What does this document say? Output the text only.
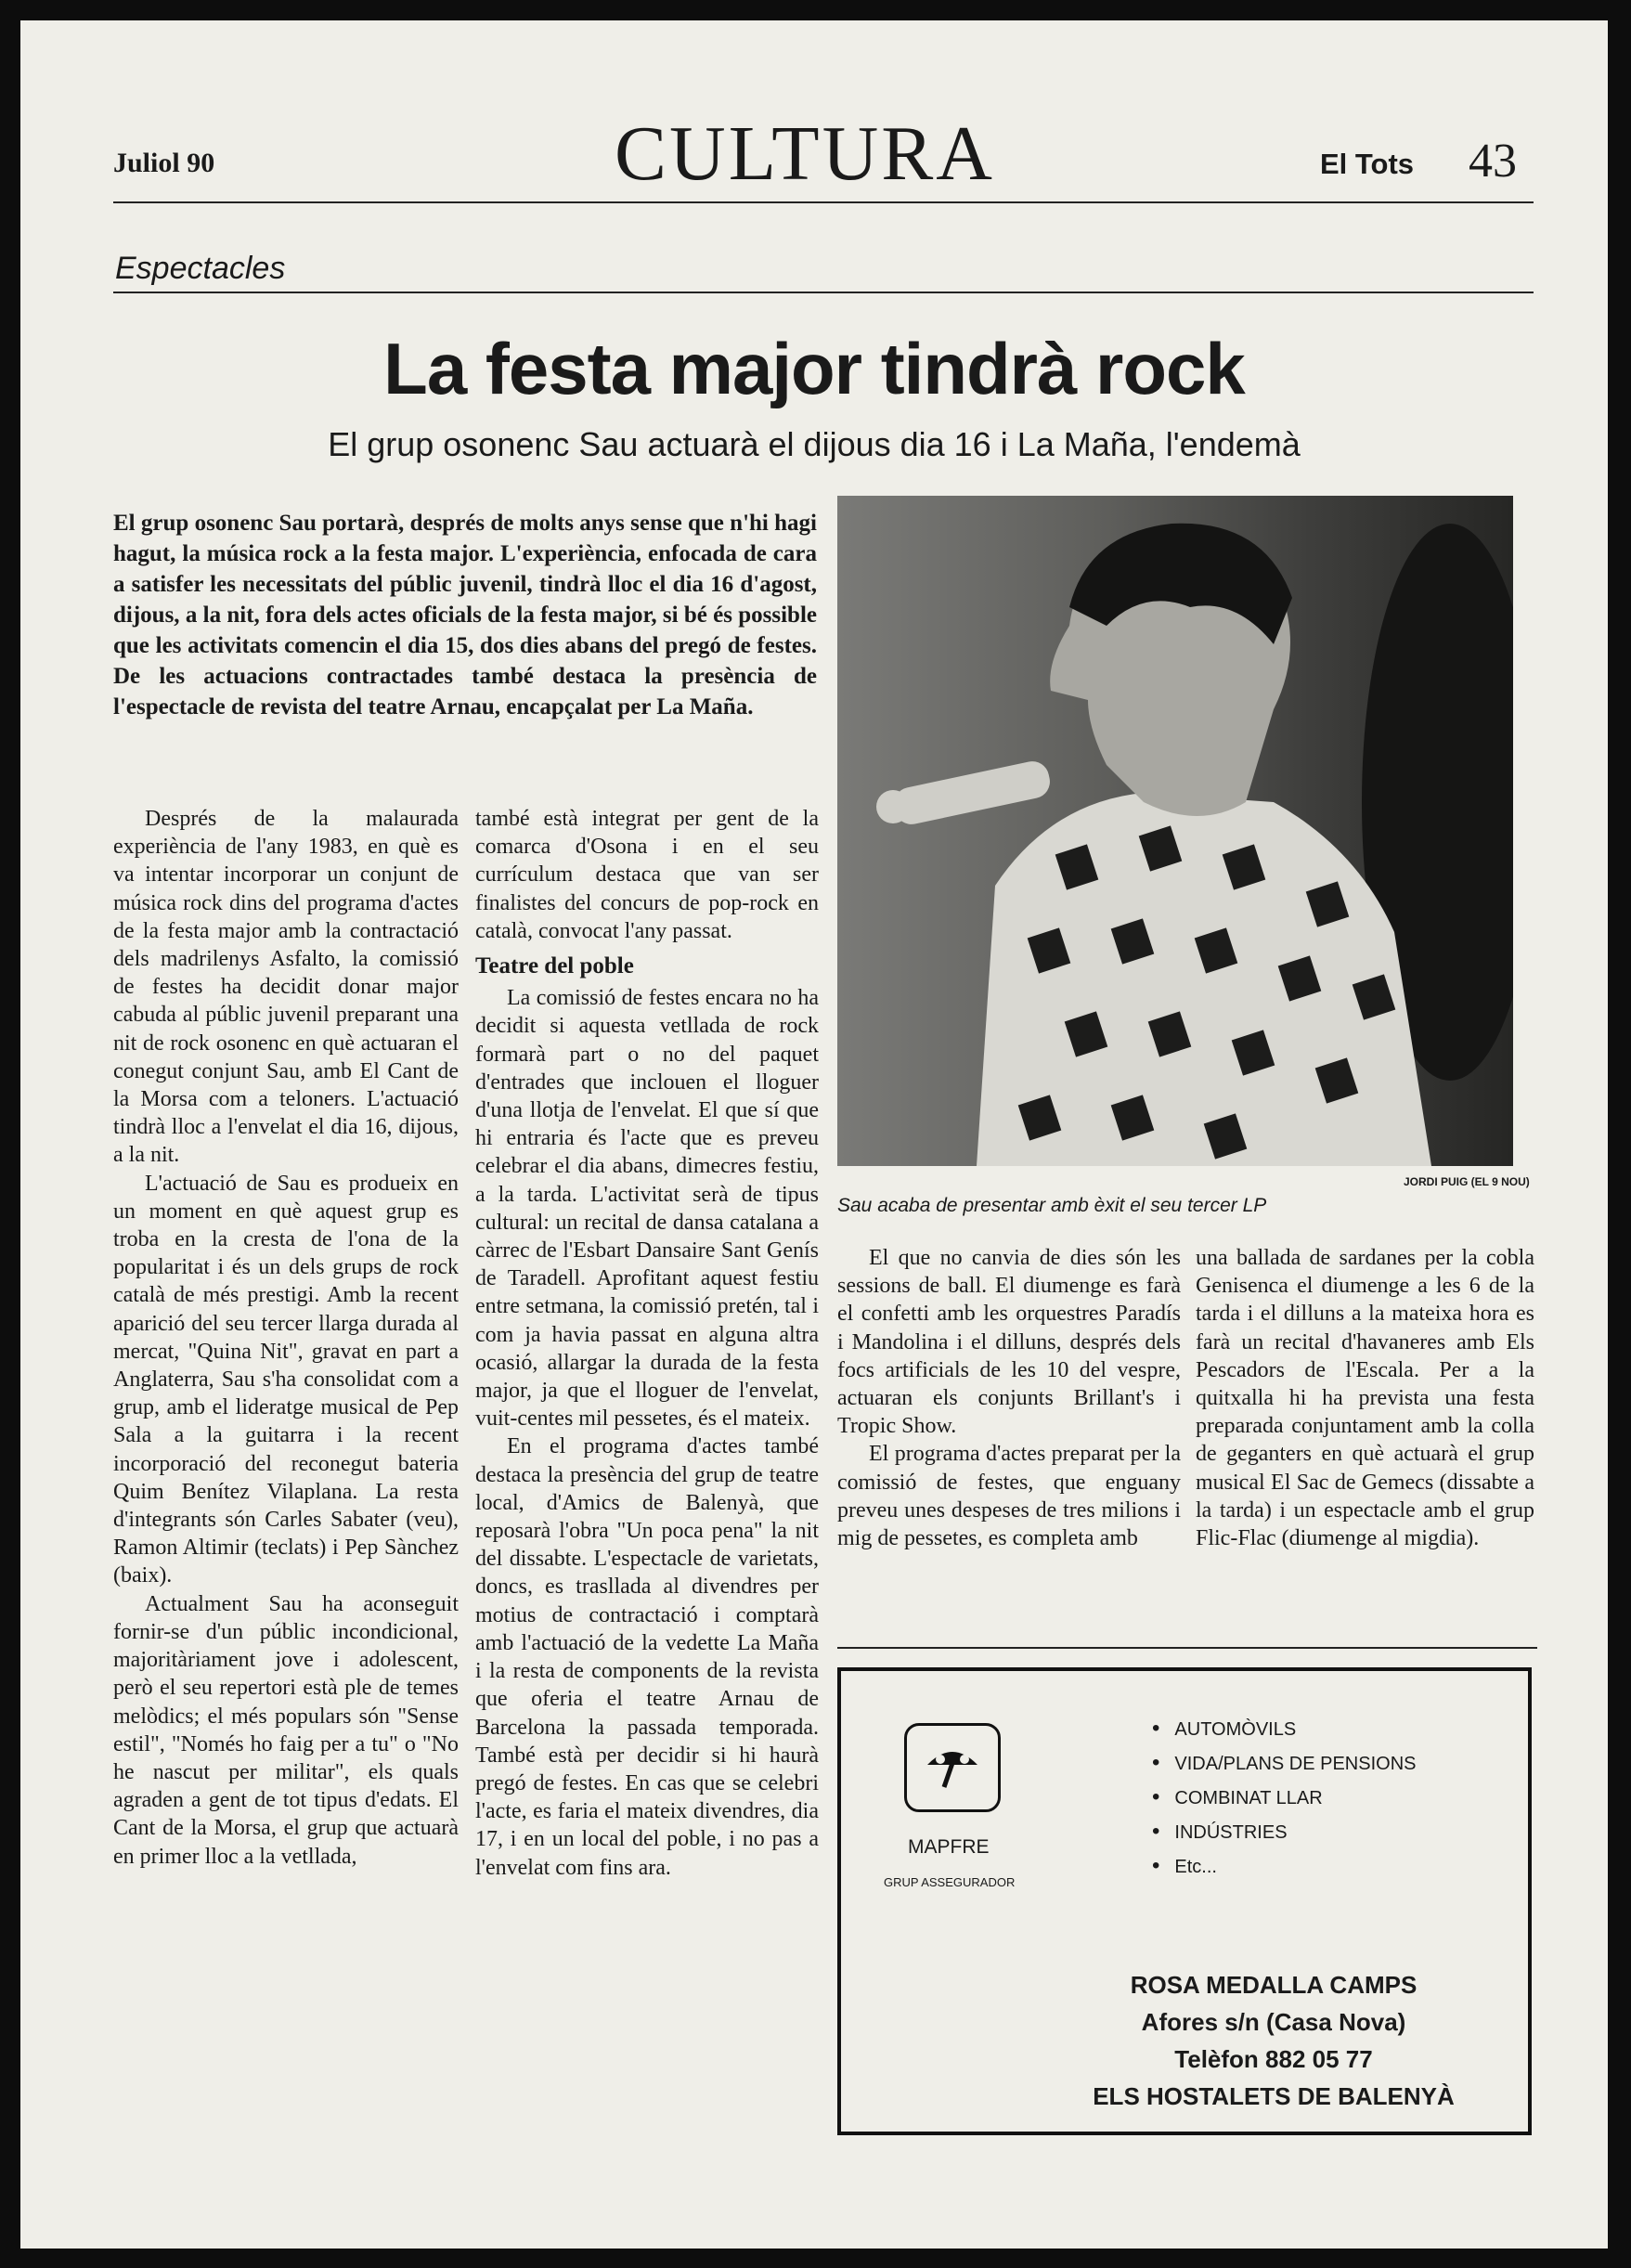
Juliol 90	CULTURA	El Tots 43
Espectacles
La festa major tindrà rock
El grup osonenc Sau actuarà el dijous dia 16 i La Maña, l'endemà
El grup osonenc Sau portarà, després de molts anys sense que n'hi hagi hagut, la música rock a la festa major. L'experiència, enfocada de cara a satisfer les necessitats del públic juvenil, tindrà lloc el dia 16 d'agost, dijous, a la nit, fora dels actes oficials de la festa major, si bé és possible que les activitats comencin el dia 15, dos dies abans del pregó de festes. De les actuacions contractades també destaca la presència de l'espectacle de revista del teatre Arnau, encapçalat per La Maña.

Després de la malaurada experiència de l'any 1983, en què es va intentar incorporar un conjunt de música rock dins del programa d'actes de la festa major amb la contractació dels madrilenys Asfalto, la comissió de festes ha decidit donar major cabuda al públic juvenil preparant una nit de rock osonenc en què actuaran el conegut conjunt Sau, amb El Cant de la Morsa com a teloners. L'actuació tindrà lloc a l'envelat el dia 16, dijous, a la nit.

L'actuació de Sau es produeix en un moment en què aquest grup es troba en la cresta de l'ona de la popularitat i és un dels grups de rock català de més prestigi. Amb la recent aparició del seu tercer llarga durada al mercat, "Quina Nit", gravat en part a Anglaterra, Sau s'ha consolidat com a grup, amb el lideratge musical de Pep Sala a la guitarra i la recent incorporació del reconegut bateria Quim Benítez Vilaplana. La resta d'integrants són Carles Sabater (veu), Ramon Altimir (teclats) i Pep Sànchez (baix).

Actualment Sau ha aconseguit fornir-se d'un públic incondicional, majoritàriament jove i adolescent, però el seu repertori està ple de temes melòdics; el més populars són "Sense estil", "Només ho faig per a tu" o "No he nascut per militar", els quals agraden a gent de tot tipus d'edats. El Cant de la Morsa, el grup que actuarà en primer lloc a la vetllada,

també està integrat per gent de la comarca d'Osona i en el seu currículum destaca que van ser finalistes del concurs de pop-rock en català, convocat l'any passat.

Teatre del poble

La comissió de festes encara no ha decidit si aquesta vetllada de rock formarà part o no del paquet d'entrades que inclouen el lloguer d'una llotja de l'envelat. El que sí que hi entraria és l'acte que es preveu celebrar el dia abans, dimecres festiu, a la tarda. L'activitat serà de tipus cultural: un recital de dansa catalana a càrrec de l'Esbart Dansaire Sant Genís de Taradell. Aprofitant aquest festiu entre setmana, la comissió pretén, tal i com ja havia passat en alguna altra ocasió, allargar la durada de la festa major, ja que el lloguer de l'envelat, vuit-centes mil pessetes, és el mateix.

En el programa d'actes també destaca la presència del grup de teatre local, d'Amics de Balenyà, que reposarà l'obra "Un poca pena" la nit del dissabte. L'espectacle de varietats, doncs, es trasllada al divendres per motius de contractació i comptarà amb l'actuació de la vedette La Maña i la resta de components de la revista que oferia el teatre Arnau de Barcelona la passada temporada. També està per decidir si hi haurà pregó de festes. En cas que se celebri l'acte, es faria el mateix divendres, dia 17, i en un local del poble, i no pas a l'envelat com fins ara.

JORDI PUIG (EL 9 NOU)
Sau acaba de presentar amb èxit el seu tercer LP

El que no canvia de dies són les sessions de ball. El diumenge es farà el confetti amb les orquestres Paradís i Mandolina i el dilluns, després dels focs artificials de les 10 del vespre, actuaran els conjunts Brillant's i Tropic Show.

El programa d'actes preparat per la comissió de festes, que enguany preveu unes despeses de tres milions i mig de pessetes, es completa amb

una ballada de sardanes per la cobla Genisenca el diumenge a les 6 de la tarda i el dilluns a la mateixa hora es farà un recital d'havaneres amb Els Pescadors de l'Escala. Per a la quitxalla hi ha prevista una festa preparada conjuntament amb la colla de geganters en què actuarà el grup musical El Sac de Gemecs (dissabte a la tarda) i un espectacle amb el grup Flic-Flac (diumenge al migdia).

MAPFRE
GRUP ASSEGURADOR
• AUTOMÒVILS
• VIDA/PLANS DE PENSIONS
• COMBINAT LLAR
• INDÚSTRIES
• Etc...
ROSA MEDALLA CAMPS
Afores s/n (Casa Nova)
Telèfon 882 05 77
ELS HOSTALETS DE BALENYÀ
